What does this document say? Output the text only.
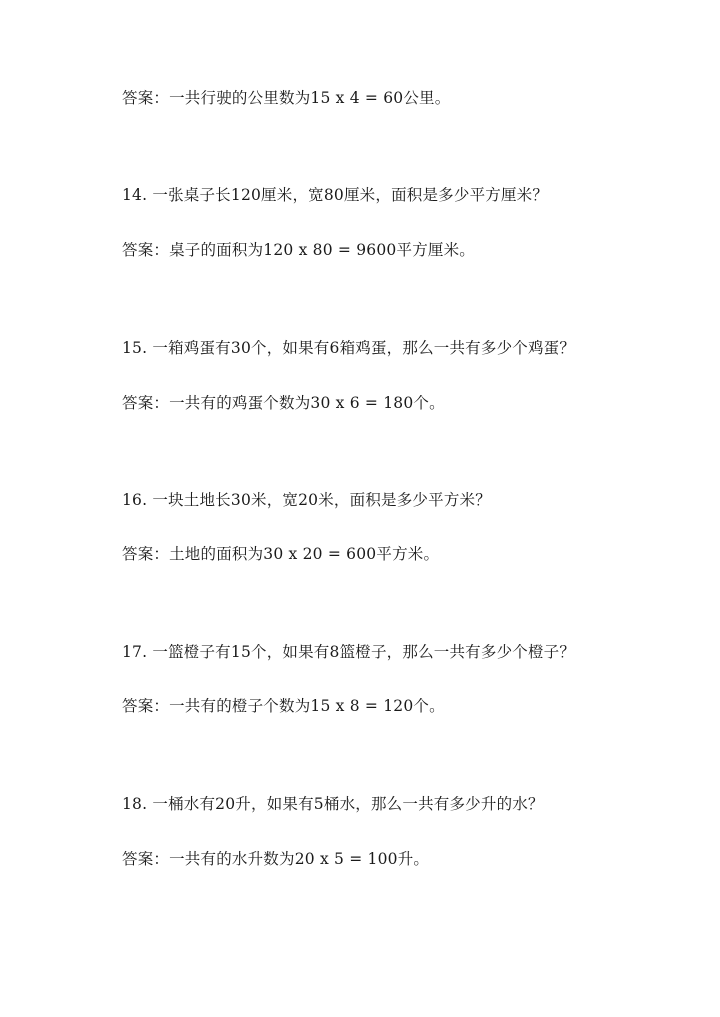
答案：一共行驶的公里数为15 x 4 = 60公里。
14. 一张桌子长120厘米，宽80厘米，面积是多少平方厘米？
答案：桌子的面积为120 x 80 = 9600平方厘米。
15. 一箱鸡蛋有30个，如果有6箱鸡蛋，那么一共有多少个鸡蛋？
答案：一共有的鸡蛋个数为30 x 6 = 180个。
16. 一块土地长30米，宽20米，面积是多少平方米？
答案：土地的面积为30 x 20 = 600平方米。
17. 一篮橙子有15个，如果有8篮橙子，那么一共有多少个橙子？
答案：一共有的橙子个数为15 x 8 = 120个。
18. 一桶水有20升，如果有5桶水，那么一共有多少升的水？
答案：一共有的水升数为20 x 5 = 100升。
